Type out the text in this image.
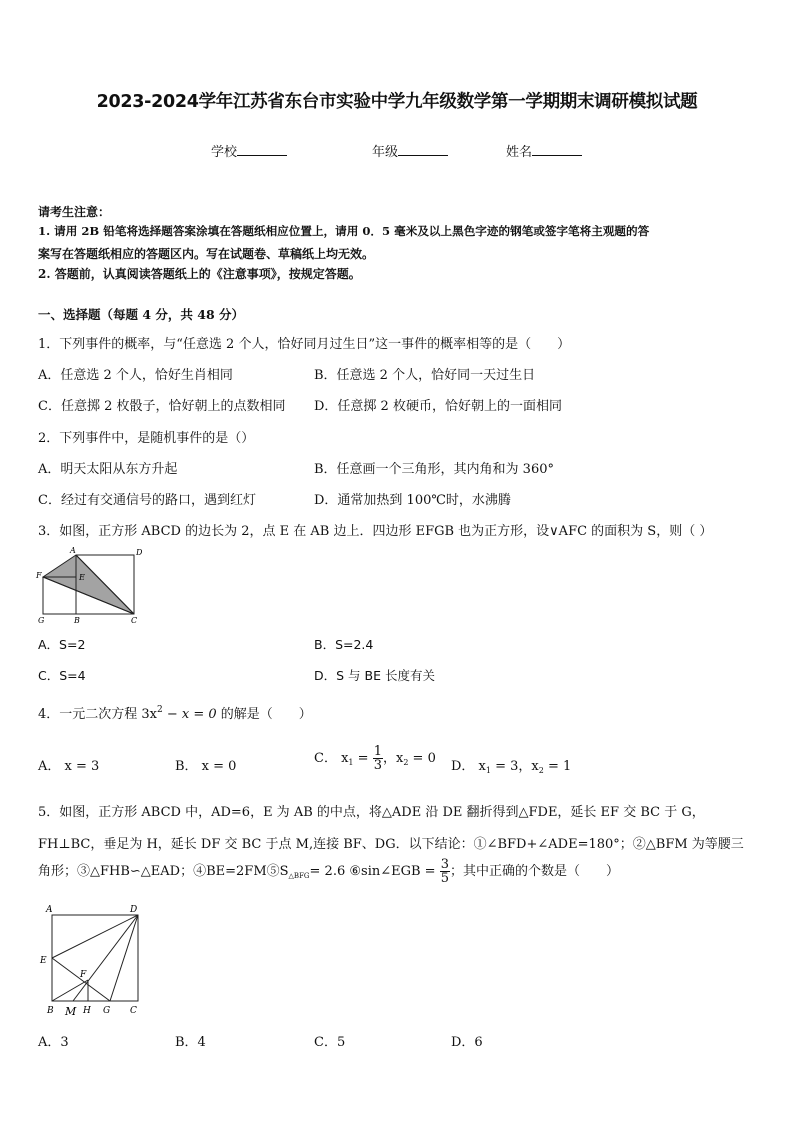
2023-2024学年江苏省东台市实验中学九年级数学第一学期期末调研模拟试题
学校	年级	姓名
请考生注意：
1. 请用 2B 铅笔将选择题答案涂填在答题纸相应位置上，请用 0．5 毫米及以上黑色字迹的钢笔或签字笔将主观题的答
案写在答题纸相应的答题区内。写在试题卷、草稿纸上均无效。
2. 答题前，认真阅读答题纸上的《注意事项》，按规定答题。
一、选择题（每题 4 分，共 48 分）
1．下列事件的概率，与“任意选 2 个人，恰好同月过生日”这一事件的概率相等的是（　　）
A．任意选 2 个人，恰好生肖相同	B．任意选 2 个人，恰好同一天过生日
C．任意掷 2 枚骰子，恰好朝上的点数相同 D．任意掷 2 枚硬币，恰好朝上的一面相同
2．下列事件中，是随机事件的是（）
A．明天太阳从东方升起	B．任意画一个三角形，其内角和为 360°
C．经过有交通信号的路口，遇到红灯	D．通常加热到 100℃时，水沸腾
3．如图，正方形 ABCD 的边长为 2，点 E 在 AB 边上．四边形 EFGB 也为正方形，设∨AFC 的面积为 S，则（ ）
A	D
F	E
G	B	C
A．S=2	B．S=2.4
C．S=4	D．S 与 BE 长度有关
4．一元二次方程 $3x^2 - x = 0$ 的解是（　　）
A． x = 3	B． x = 0
C． $x_1 = \frac{1}{3}$ ，$x_2 = 0$
D． $x_1 = 3$，$x_2 = 1$
5．如图，正方形 ABCD 中，AD=6，E 为 AB 的中点，将△ADE 沿 DE 翻折得到△FDE，延长 EF 交 BC 于 G，
FH⊥BC，垂足为 H，延长 DF 交 BC 于点 M,连接 BF、DG．以下结论：①∠BFD+∠ADE=180°；②△BFM 为等腰三
角形；③△FHB∽△EAD；$④BE=2FM⑤S_{\triangle BFG}= 2.6$ ⑥sin∠EGB = $\frac{3}{5}$ ；其中正确的个数是（　　）
A	D
E
F
B M H G C
A．3	B．4	C．5	D．6
